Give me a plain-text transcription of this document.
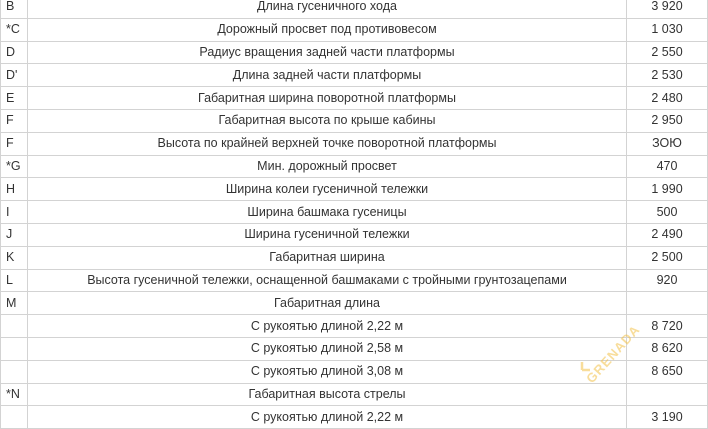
B	Длина гусеничного хода	3 920
*C	Дорожный просвет под противовесом	1 030
D	Радиус вращения задней части платформы	2 550
D'	Длина задней части платформы	2 530
E	Габаритная ширина поворотной платформы	2 480
F	Габаритная высота по крыше кабины	2 950
F	Высота по крайней верхней точке поворотной платформы	ЗОЮ
*G	Мин. дорожный просвет	470
H	Ширина колеи гусеничной тележки	1 990
I	Ширина башмака гусеницы	500
J	Ширина гусеничной тележки	2 490
K	Габаритная ширина	2 500
L	Высота гусеничной тележки, оснащенной башмаками с тройными грунтозацепами	920
M	Габаритная длина	
	С рукоятью длиной 2,22 м	8 720
	С рукоятью длиной 2,58 м	8 620
	С рукоятью длиной 3,08 м	8 650
*N	Габаритная высота стрелы	
	С рукоятью длиной 2,22 м	3 190
GRENADA
